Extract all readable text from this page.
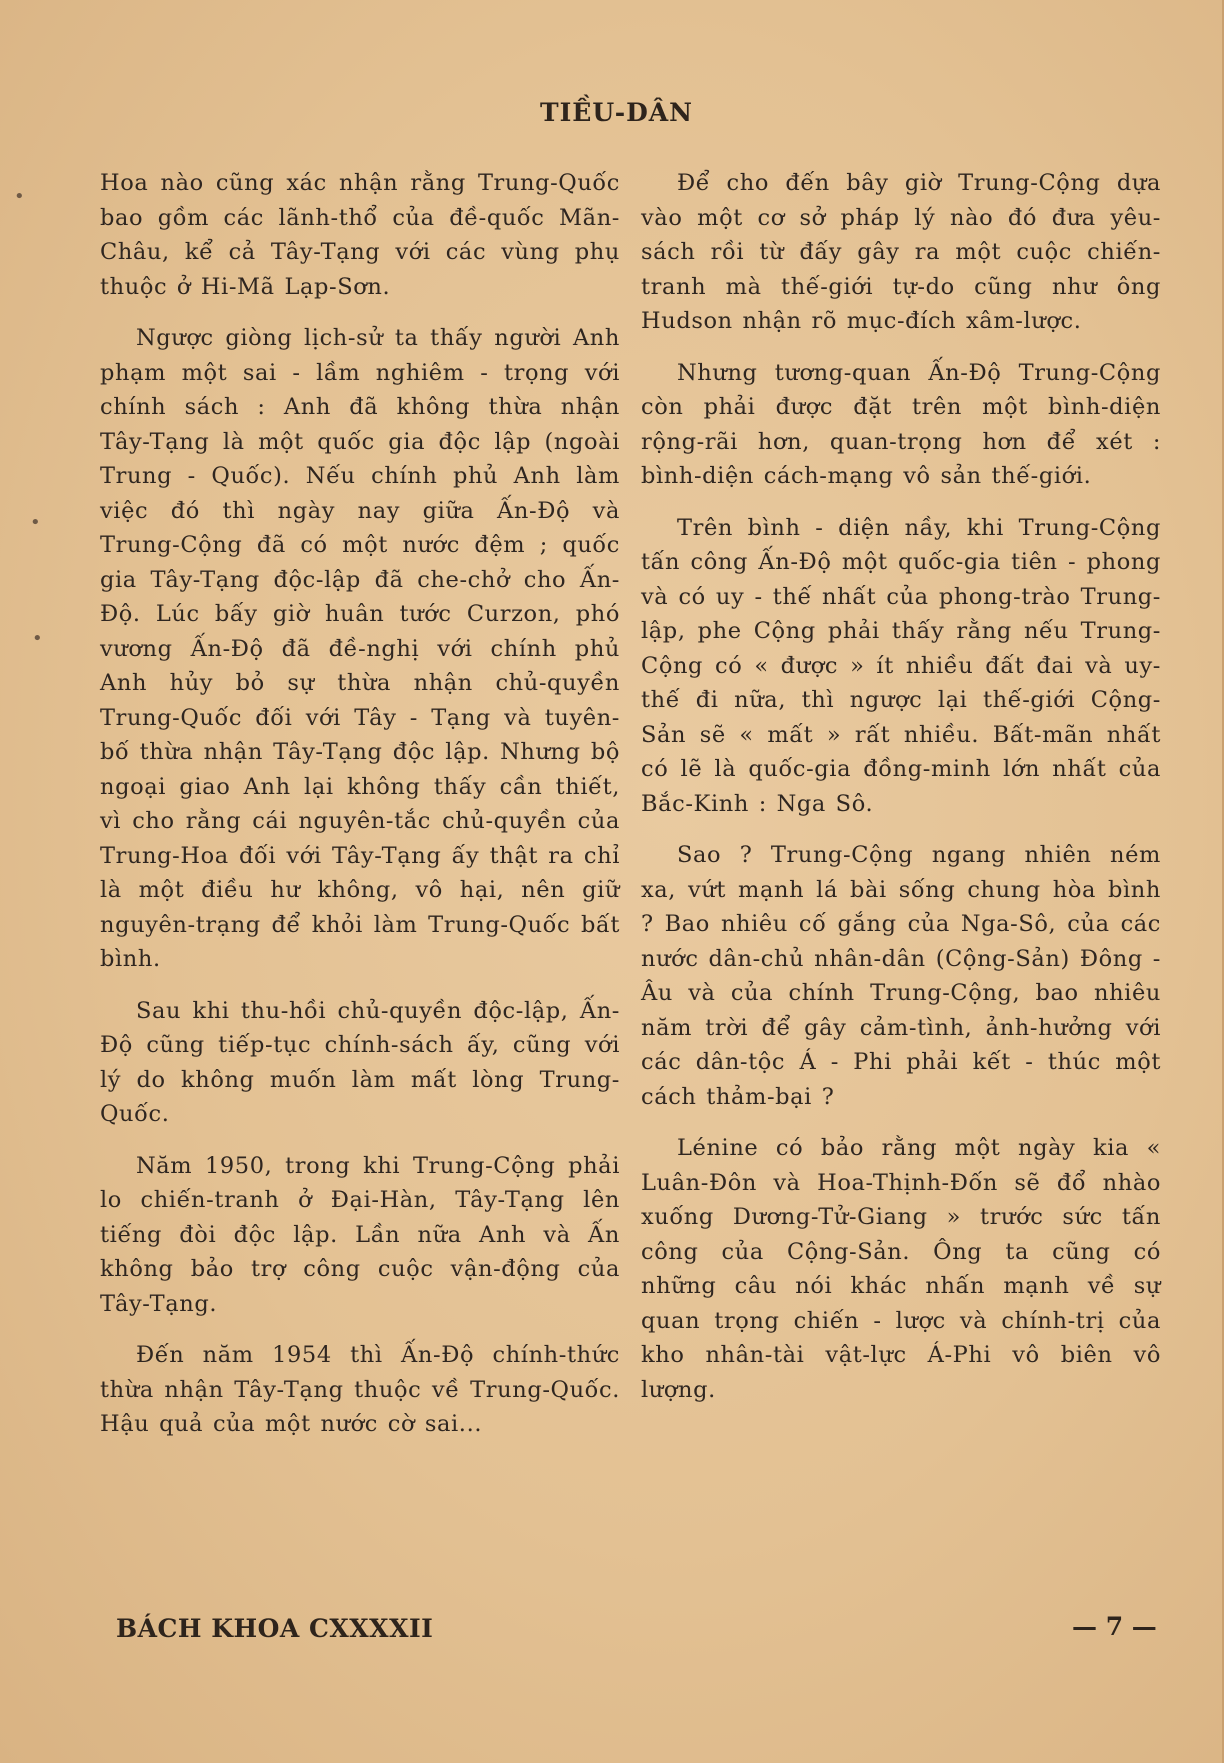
•
•
•
TIỀU-DÂN

Hoa nào cũng xác nhận rằng Trung-Quốc bao gồm các lãnh-thổ của đề-quốc Mãn-Châu, kể cả Tây-Tạng với các vùng phụ thuộc ở Hi-Mã Lạp-Sơn.

Ngược giòng lịch-sử ta thấy người Anh phạm một sai - lầm nghiêm - trọng với chính sách : Anh đã không thừa nhận Tây-Tạng là một quốc gia độc lập (ngoài Trung - Quốc). Nếu chính phủ Anh làm việc đó thì ngày nay giữa Ấn-Độ và Trung-Cộng đã có một nước đệm ; quốc gia Tây-Tạng độc-lập đã che-chở cho Ấn-Độ. Lúc bấy giờ huân tước Curzon, phó vương Ấn-Độ đã đề-nghị với chính phủ Anh hủy bỏ sự thừa nhận chủ-quyền Trung-Quốc đối với Tây - Tạng và tuyên-bố thừa nhận Tây-Tạng độc lập. Nhưng bộ ngoại giao Anh lại không thấy cần thiết, vì cho rằng cái nguyên-tắc chủ-quyền của Trung-Hoa đối với Tây-Tạng ấy thật ra chỉ là một điều hư không, vô hại, nên giữ nguyên-trạng để khỏi làm Trung-Quốc bất bình.

Sau khi thu-hồi chủ-quyền độc-lập, Ấn-Độ cũng tiếp-tục chính-sách ấy, cũng với lý do không muốn làm mất lòng Trung-Quốc.

Năm 1950, trong khi Trung-Cộng phải lo chiến-tranh ở Đại-Hàn, Tây-Tạng lên tiếng đòi độc lập. Lần nữa Anh và Ấn không bảo trợ công cuộc vận-động của Tây-Tạng.

Đến năm 1954 thì Ấn-Độ chính-thức thừa nhận Tây-Tạng thuộc về Trung-Quốc. Hậu quả của một nước cờ sai...

Để cho đến bây giờ Trung-Cộng dựa vào một cơ sở pháp lý nào đó đưa yêu-sách rồi từ đấy gây ra một cuộc chiến-tranh mà thế-giới tự-do cũng như ông Hudson nhận rõ mục-đích xâm-lược.

Nhưng tương-quan Ấn-Độ Trung-Cộng còn phải được đặt trên một bình-diện rộng-rãi hơn, quan-trọng hơn để xét : bình-diện cách-mạng vô sản thế-giới.

Trên bình - diện nầy, khi Trung-Cộng tấn công Ấn-Độ một quốc-gia tiên - phong và có uy - thế nhất của phong-trào Trung-lập, phe Cộng phải thấy rằng nếu Trung-Cộng có « được » ít nhiều đất đai và uy-thế đi nữa, thì ngược lại thế-giới Cộng-Sản sẽ « mất » rất nhiều. Bất-mãn nhất có lẽ là quốc-gia đồng-minh lớn nhất của Bắc-Kinh : Nga Sô.

Sao ? Trung-Cộng ngang nhiên ném xa, vứt mạnh lá bài sống chung hòa bình ? Bao nhiêu cố gắng của Nga-Sô, của các nước dân-chủ nhân-dân (Cộng-Sản) Đông - Âu và của chính Trung-Cộng, bao nhiêu năm trời để gây cảm-tình, ảnh-hưởng với các dân-tộc Á - Phi phải kết - thúc một cách thảm-bại ?

Lénine có bảo rằng một ngày kia « Luân-Đôn và Hoa-Thịnh-Đốn sẽ đổ nhào xuống Dương-Tử-Giang » trước sức tấn công của Cộng-Sản. Ông ta cũng có những câu nói khác nhấn mạnh về sự quan trọng chiến - lược và chính-trị của kho nhân-tài vật-lực Á-Phi vô biên vô lượng.

BÁCH KHOA CXXXXII	— 7 —
